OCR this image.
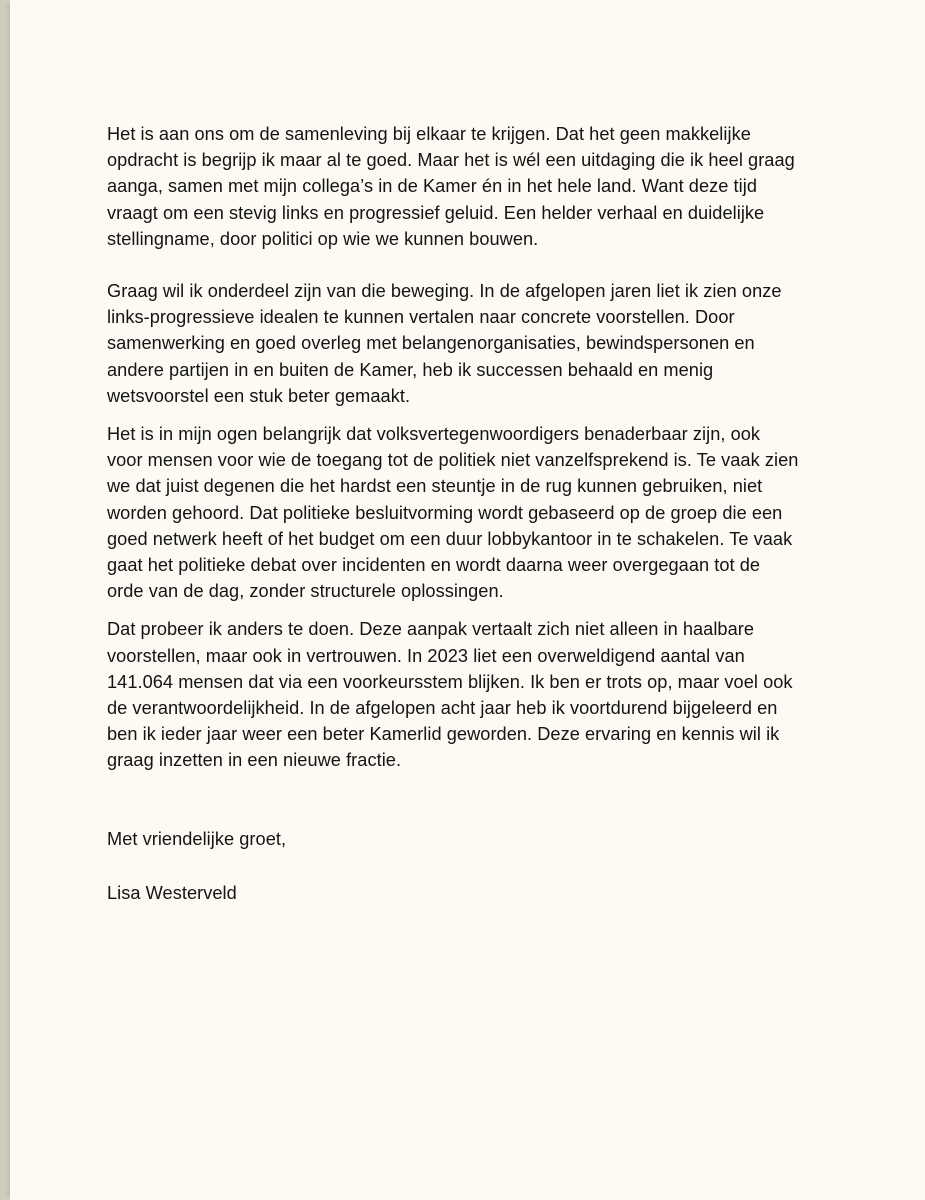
Het is aan ons om de samenleving bij elkaar te krijgen. Dat het geen makkelijke
opdracht is begrijp ik maar al te goed. Maar het is wél een uitdaging die ik heel graag
aanga, samen met mijn collega’s in de Kamer én in het hele land. Want deze tijd
vraagt om een stevig links en progressief geluid. Een helder verhaal en duidelijke
stellingname, door politici op wie we kunnen bouwen.

Graag wil ik onderdeel zijn van die beweging. In de afgelopen jaren liet ik zien onze
links-progressieve idealen te kunnen vertalen naar concrete voorstellen. Door
samenwerking en goed overleg met belangenorganisaties, bewindspersonen en
andere partijen in en buiten de Kamer, heb ik successen behaald en menig
wetsvoorstel een stuk beter gemaakt.

Het is in mijn ogen belangrijk dat volksvertegenwoordigers benaderbaar zijn, ook
voor mensen voor wie de toegang tot de politiek niet vanzelfsprekend is. Te vaak zien
we dat juist degenen die het hardst een steuntje in de rug kunnen gebruiken, niet
worden gehoord. Dat politieke besluitvorming wordt gebaseerd op de groep die een
goed netwerk heeft of het budget om een duur lobbykantoor in te schakelen. Te vaak
gaat het politieke debat over incidenten en wordt daarna weer overgegaan tot de
orde van de dag, zonder structurele oplossingen.

Dat probeer ik anders te doen. Deze aanpak vertaalt zich niet alleen in haalbare
voorstellen, maar ook in vertrouwen. In 2023 liet een overweldigend aantal van
141.064 mensen dat via een voorkeursstem blijken. Ik ben er trots op, maar voel ook
de verantwoordelijkheid. In de afgelopen acht jaar heb ik voortdurend bijgeleerd en
ben ik ieder jaar weer een beter Kamerlid geworden. Deze ervaring en kennis wil ik
graag inzetten in een nieuwe fractie.

Met vriendelijke groet,

Lisa Westerveld
